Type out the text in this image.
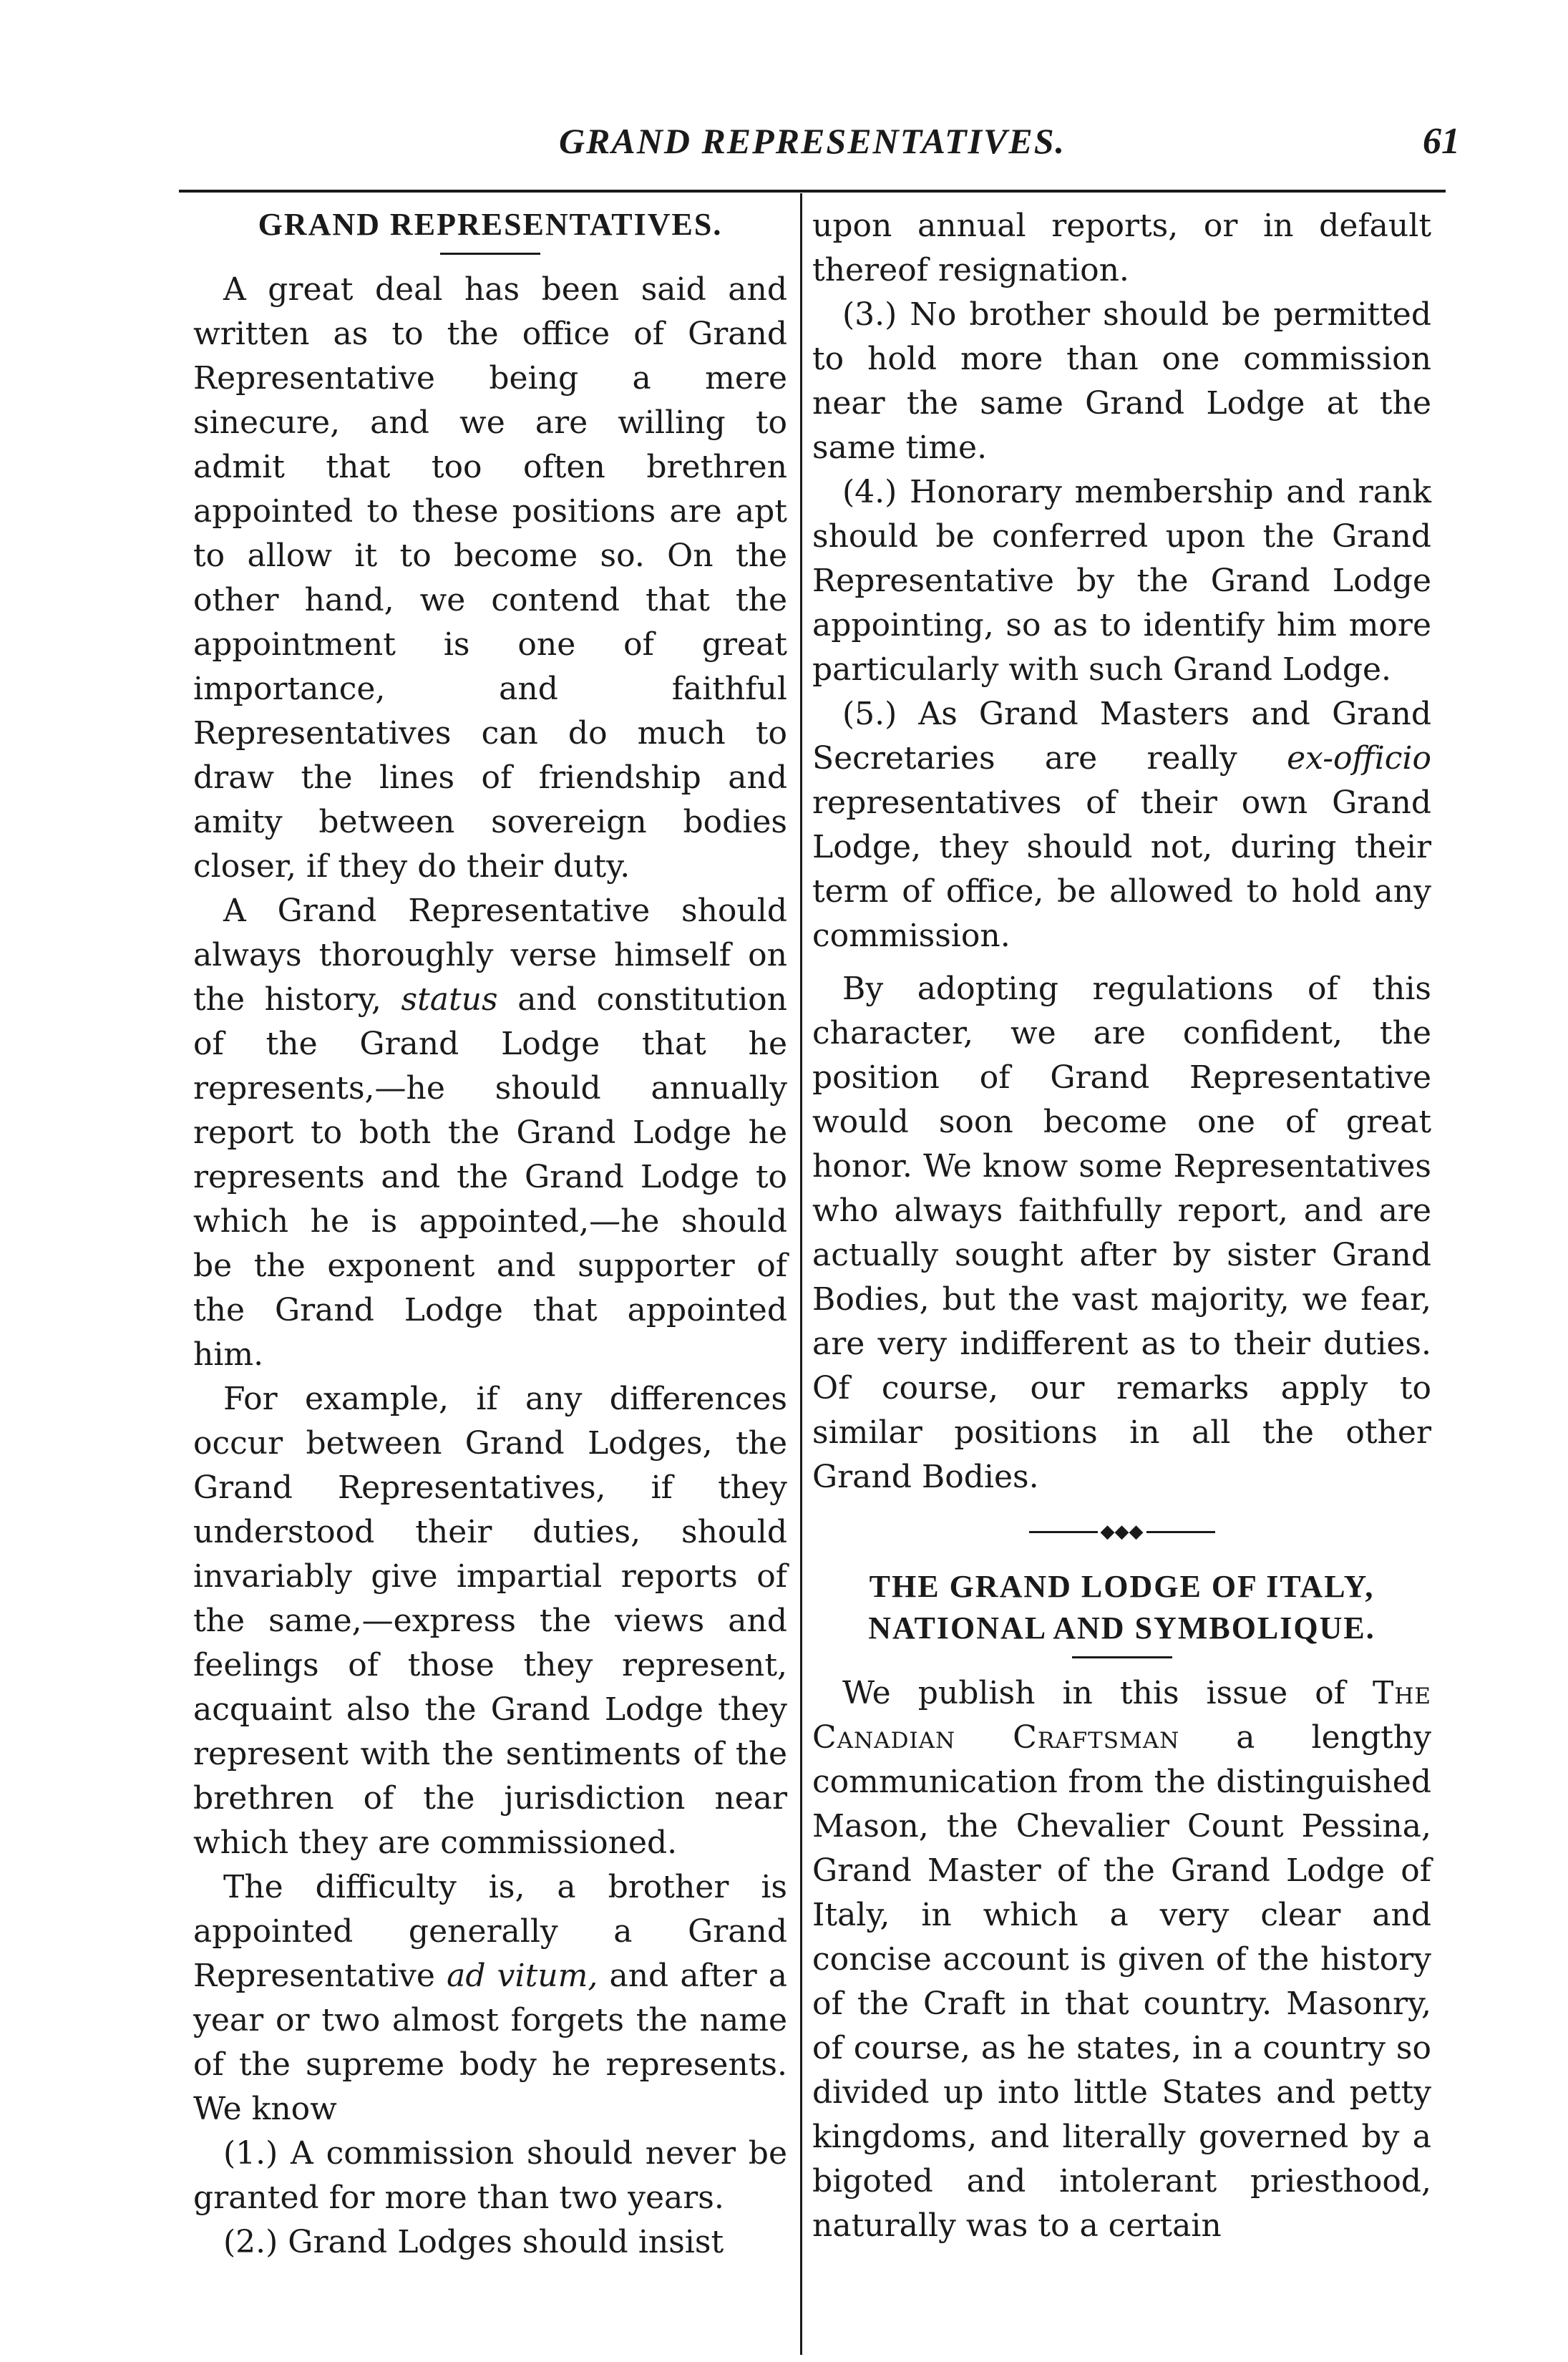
GRAND REPRESENTATIVES.	61
GRAND REPRESENTATIVES.

A great deal has been said and written as to the office of Grand Representative being a mere sinecure, and we are willing to admit that too often brethren appointed to these positions are apt to allow it to become so. On the other hand, we contend that the appointment is one of great importance, and faithful Representatives can do much to draw the lines of friendship and amity between sovereign bodies closer, if they do their duty.

A Grand Representative should always thoroughly verse himself on the history, status and constitution of the Grand Lodge that he represents,—he should annually report to both the Grand Lodge he represents and the Grand Lodge to which he is appointed,—he should be the exponent and supporter of the Grand Lodge that appointed him.

For example, if any differences occur between Grand Lodges, the Grand Representatives, if they understood their duties, should invariably give impartial reports of the same,—express the views and feelings of those they represent, acquaint also the Grand Lodge they represent with the sentiments of the brethren of the jurisdiction near which they are commissioned.

The difficulty is, a brother is appointed generally a Grand Representative ad vitum, and after a year or two almost forgets the name of the supreme body he represents. We know

(1.) A commission should never be granted for more than two years.

(2.) Grand Lodges should insist

upon annual reports, or in default thereof resignation.

(3.) No brother should be permitted to hold more than one commission near the same Grand Lodge at the same time.

(4.) Honorary membership and rank should be conferred upon the Grand Representative by the Grand Lodge appointing, so as to identify him more particularly with such Grand Lodge.

(5.) As Grand Masters and Grand Secretaries are really ex-officio representatives of their own Grand Lodge, they should not, during their term of office, be allowed to hold any commission.

By adopting regulations of this character, we are confident, the position of Grand Representative would soon become one of great honor. We know some Representatives who always faithfully report, and are actually sought after by sister Grand Bodies, but the vast majority, we fear, are very indifferent as to their duties. Of course, our remarks apply to similar positions in all the other Grand Bodies.

◆◆◆
THE GRAND LODGE OF ITALY,
NATIONAL AND SYMBOLIQUE.

We publish in this issue of The Canadian Craftsman a lengthy communication from the distinguished Mason, the Chevalier Count Pessina, Grand Master of the Grand Lodge of Italy, in which a very clear and concise account is given of the history of the Craft in that country. Masonry, of course, as he states, in a country so divided up into little States and petty kingdoms, and literally governed by a bigoted and intolerant priesthood, naturally was to a certain
